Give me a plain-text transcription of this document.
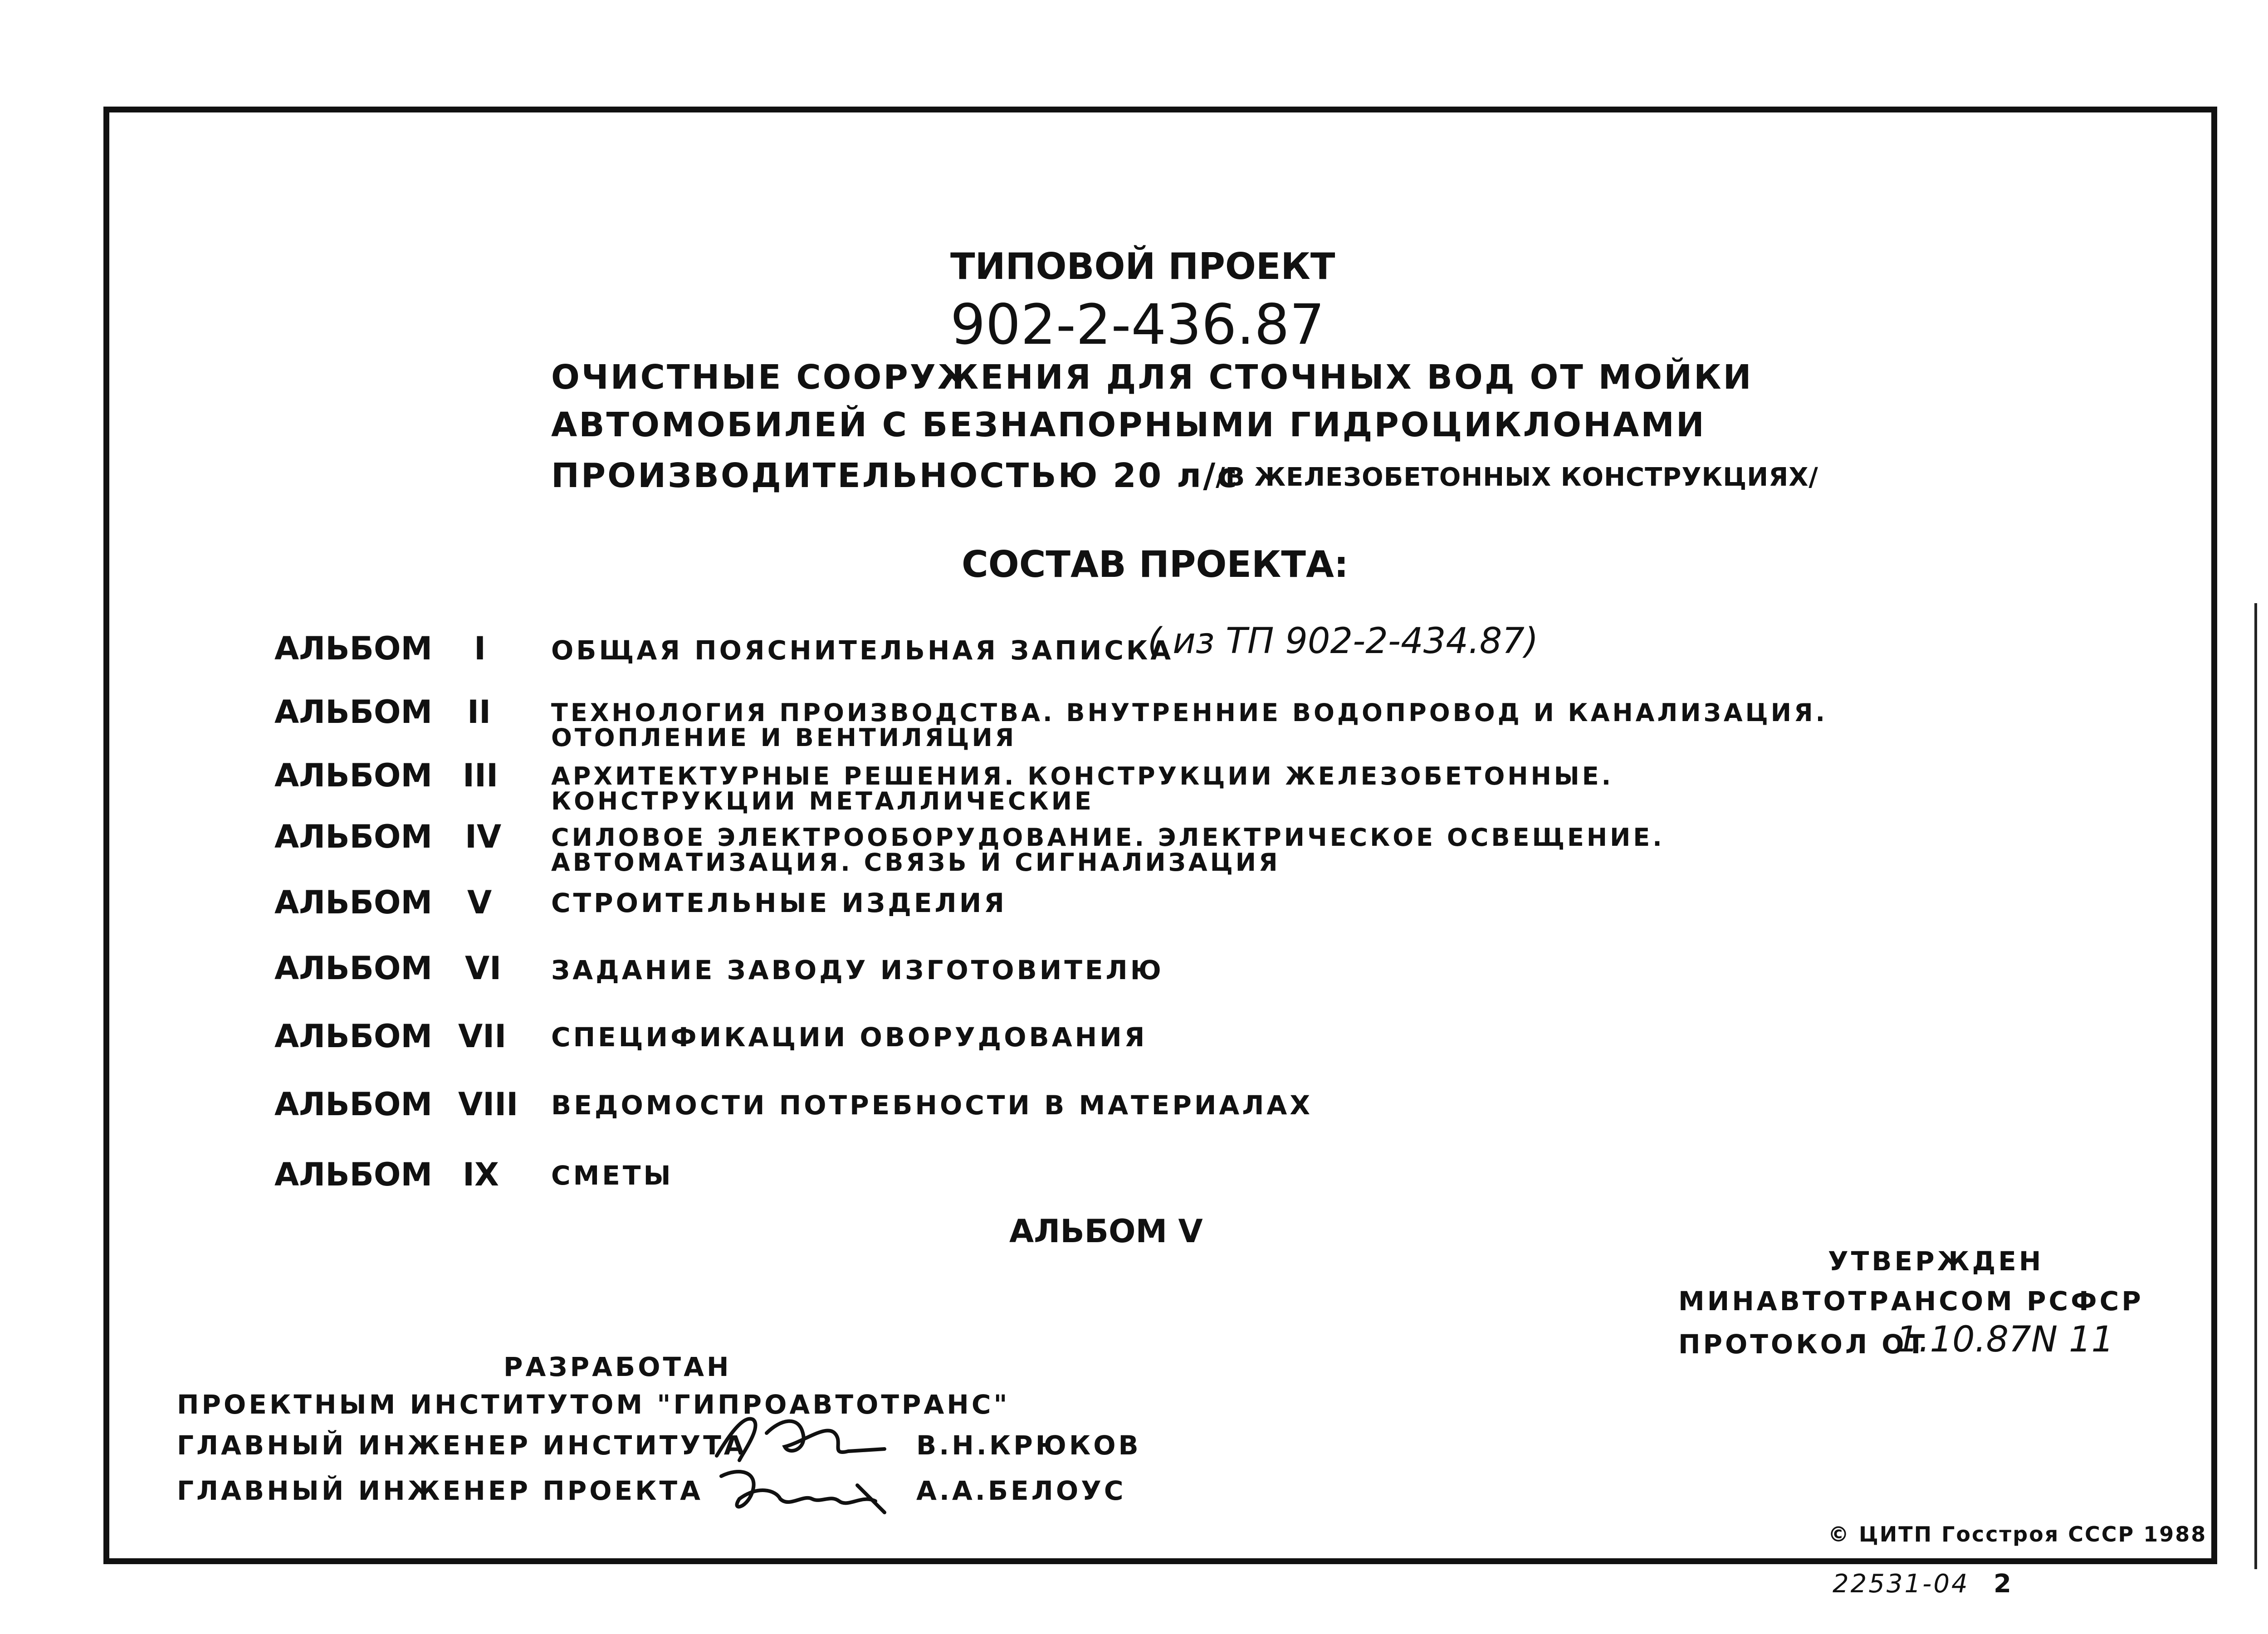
ТИПОВОЙ ПРОЕКТ
902-2-436.87
ОЧИСТНЫЕ СООРУЖЕНИЯ ДЛЯ СТОЧНЫХ ВОД ОТ МОЙКИ
АВТОМОБИЛЕЙ С БЕЗНАПОРНЫМИ ГИДРОЦИКЛОНАМИ
ПРОИЗВОДИТЕЛЬНОСТЬЮ 20 л/с
/В ЖЕЛЕЗОБЕТОННЫХ КОНСТРУКЦИЯХ/
СОСТАВ ПРОЕКТА:
АЛЬБОМ I ОБЩАЯ ПОЯСНИТЕЛЬНАЯ ЗАПИСКА
( из ТП 902-2-434.87)
АЛЬБОМ II ТЕХНОЛОГИЯ ПРОИЗВОДСТВА. ВНУТРЕННИЕ ВОДОПРОВОД И КАНАЛИЗАЦИЯ.
ОТОПЛЕНИЕ И ВЕНТИЛЯЦИЯ
АЛЬБОМ III АРХИТЕКТУРНЫЕ РЕШЕНИЯ. КОНСТРУКЦИИ ЖЕЛЕЗОБЕТОННЫЕ.
КОНСТРУКЦИИ МЕТАЛЛИЧЕСКИЕ
АЛЬБОМ IV СИЛОВОЕ ЭЛЕКТРООБОРУДОВАНИЕ. ЭЛЕКТРИЧЕСКОЕ ОСВЕЩЕНИЕ.
АВТОМАТИЗАЦИЯ. СВЯЗЬ И СИГНАЛИЗАЦИЯ
АЛЬБОМ V СТРОИТЕЛЬНЫЕ ИЗДЕЛИЯ
АЛЬБОМ VI ЗАДАНИЕ ЗАВОДУ ИЗГОТОВИТЕЛЮ
АЛЬБОМ VII СПЕЦИФИКАЦИИ ОВОРУДОВАНИЯ
АЛЬБОМ VIII ВЕДОМОСТИ ПОТРЕБНОСТИ В МАТЕРИАЛАХ
АЛЬБОМ IX СМЕТЫ
АЛЬБОМ V
УТВЕРЖДЕН
МИНАВТОТРАНСОМ РСФСР
ПРОТОКОЛ ОТ
1.10.87N 11
РАЗРАБОТАН
ПРОЕКТНЫМ ИНСТИТУТОМ "ГИПРОАВТОТРАНС"
ГЛАВНЫЙ ИНЖЕНЕР ИНСТИТУТА	В.Н.КРЮКОВ
ГЛАВНЫЙ ИНЖЕНЕР ПРОЕКТА	А.А.БЕЛОУС
© ЦИТП Госстроя СССР 1988
22531-04 2
